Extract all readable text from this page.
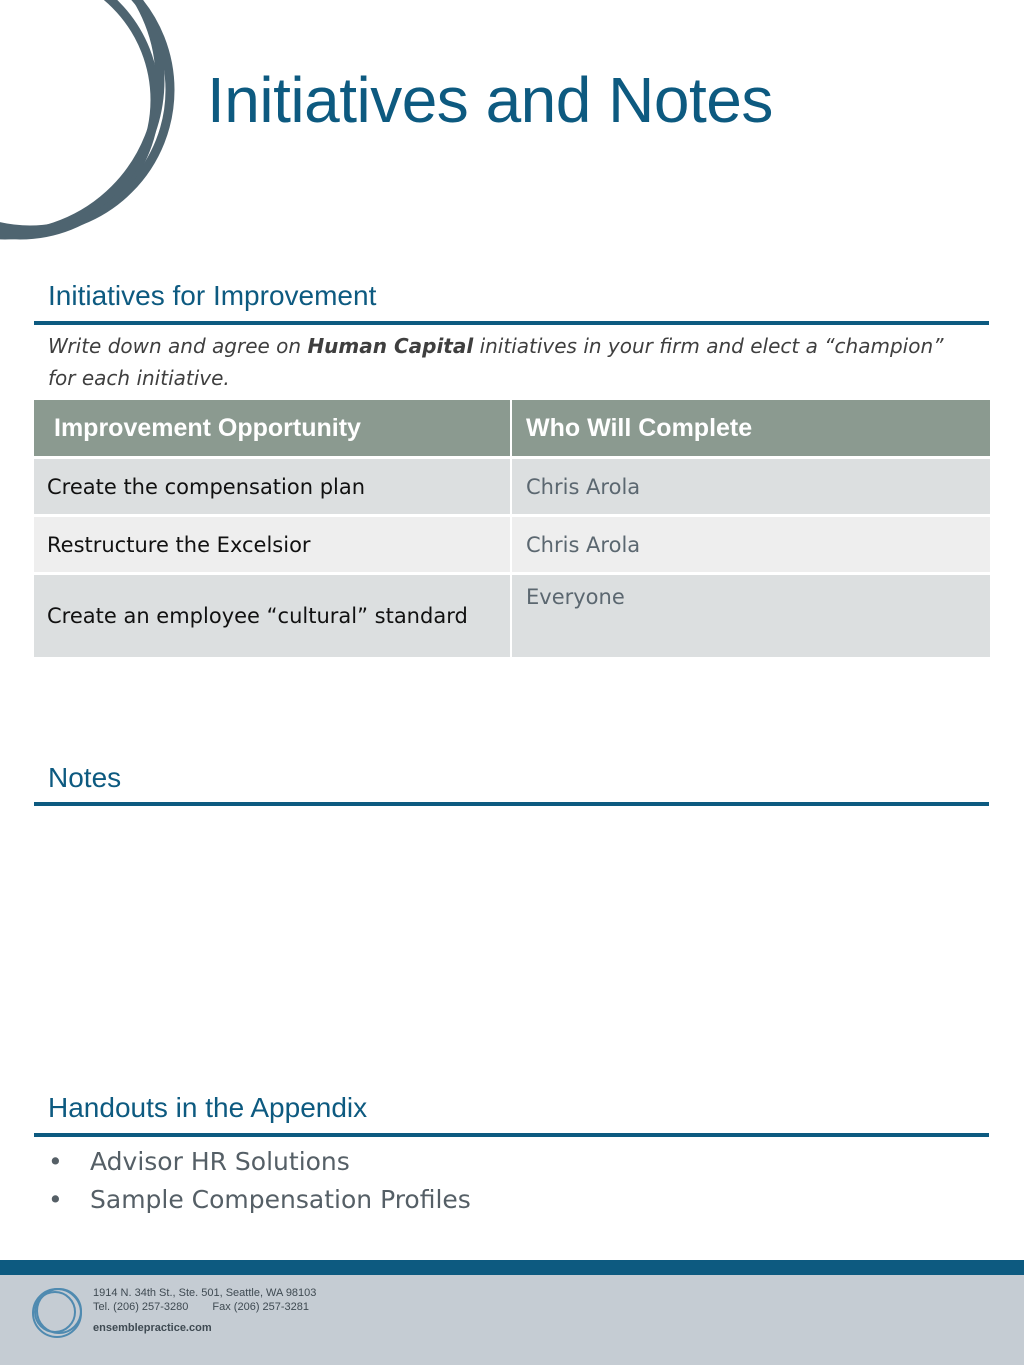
Initiatives and Notes
Initiatives for Improvement

Write down and agree on Human Capital initiatives in your firm and elect a “champion” for each initiative.

Improvement Opportunity	Who Will Complete
Create the compensation plan	Chris Arola
Restructure the Excelsior	Chris Arola
Create an employee “cultural” standard	Everyone
Notes
Handouts in the Appendix
• Advisor HR Solutions
• Sample Compensation Profiles
1914 N. 34th St., Ste. 501, Seattle, WA 98103
Tel. (206) 257-3280 Fax (206) 257-3281
ensemblepractice.com
